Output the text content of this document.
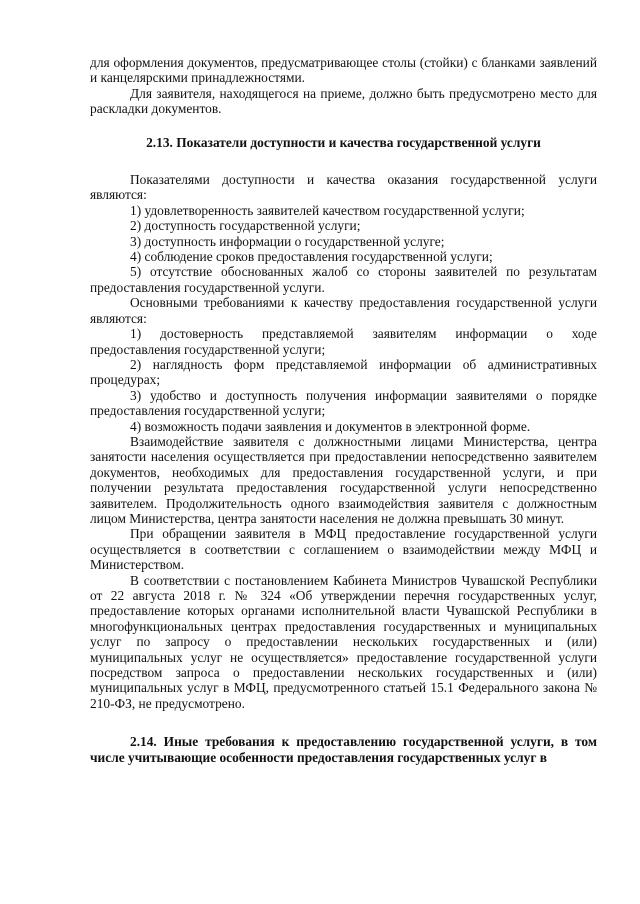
для оформления документов, предусматривающее столы (стойки) с бланками заявлений и канцелярскими принадлежностями.

Для заявителя, находящегося на приеме, должно быть предусмотрено место для раскладки документов.

2.13. Показатели доступности и качества государственной услуги

Показателями доступности и качества оказания государственной услуги являются:

1) удовлетворенность заявителей качеством государственной услуги;

2) доступность государственной услуги;

3) доступность информации о государственной услуге;

4) соблюдение сроков предоставления государственной услуги;

5) отсутствие обоснованных жалоб со стороны заявителей по результатам предоставления государственной услуги.

Основными требованиями к качеству предоставления государственной услуги являются:

1) достоверность представляемой заявителям информации о ходе предоставления государственной услуги;

2) наглядность форм представляемой информации об административных процедурах;

3) удобство и доступность получения информации заявителями о порядке предоставления государственной услуги;

4) возможность подачи заявления и документов в электронной форме.

Взаимодействие заявителя с должностными лицами Министерства, центра занятости населения осуществляется при предоставлении непосредственно заявителем документов, необходимых для предоставления государственной услуги, и при получении результата предоставления государственной услуги непосредственно заявителем. Продолжительность одного взаимодействия заявителя с должностным лицом Министерства, центра занятости населения не должна превышать 30 минут.

При обращении заявителя в МФЦ предоставление государственной услуги осуществляется в соответствии с соглашением о взаимодействии между МФЦ и Министерством.

В соответствии с постановлением Кабинета Министров Чувашской Республики от 22 августа 2018 г. № 324 «Об утверждении перечня государственных услуг, предоставление которых органами исполнительной власти Чувашской Республики в многофункциональных центрах предоставления государственных и муниципальных услуг по запросу о предоставлении нескольких государственных и (или) муниципальных услуг не осуществляется» предоставление государственной услуги посредством запроса о предоставлении нескольких государственных и (или) муниципальных услуг в МФЦ, предусмотренного статьей 15.1 Федерального закона № 210-ФЗ, не предусмотрено.

2.14. Иные требования к предоставлению государственной услуги, в том числе учитывающие особенности предоставления государственных услуг в
